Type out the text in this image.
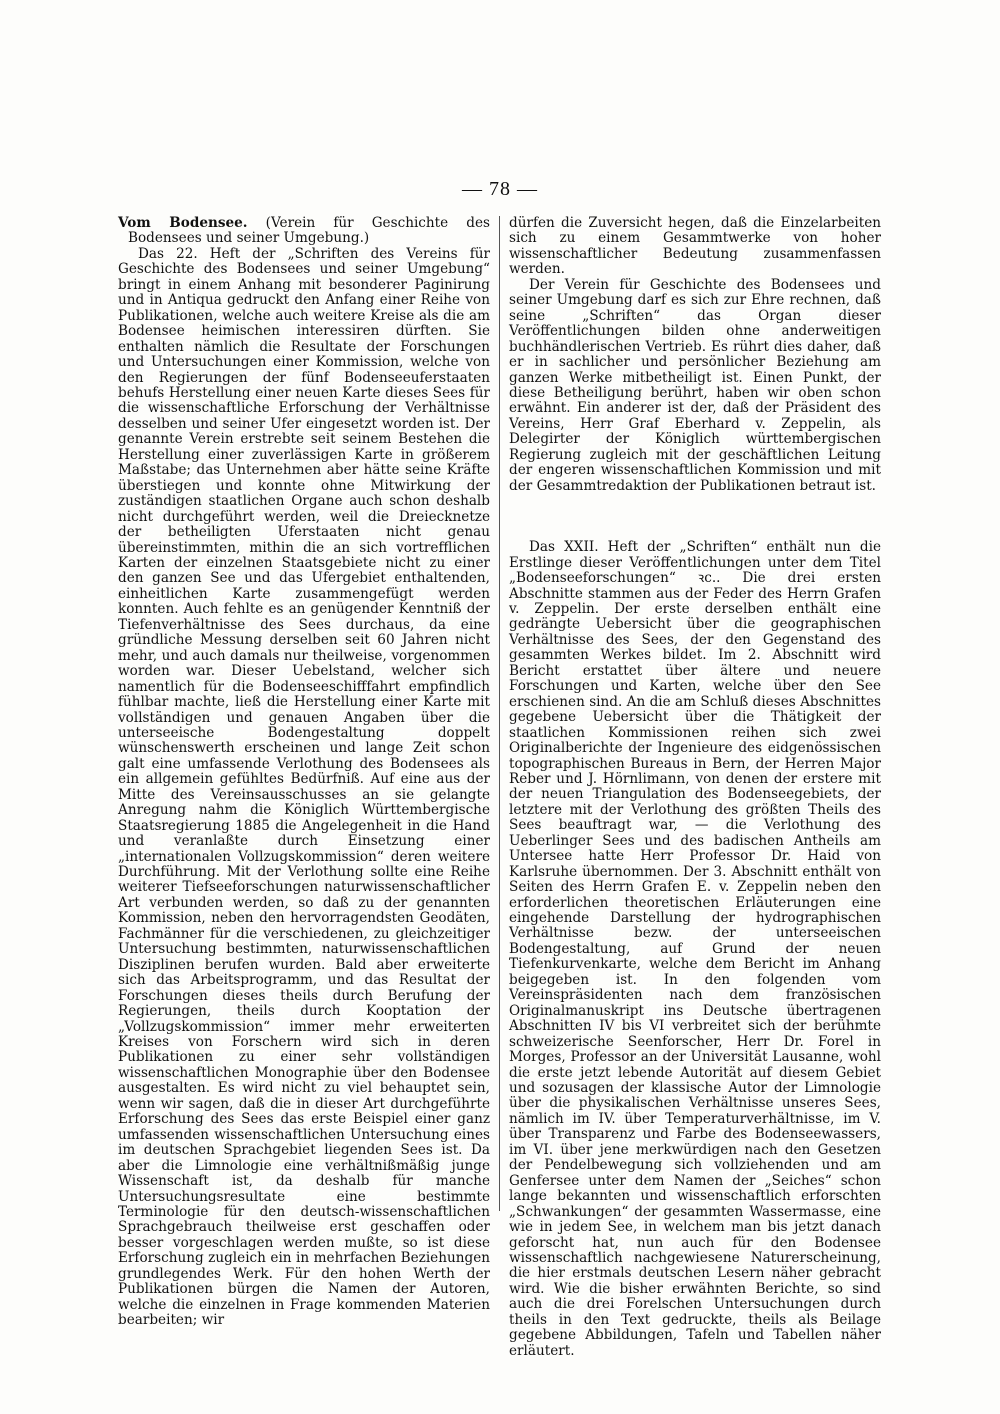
— 78 —

Vom Bodensee. (Verein für Geschichte des Bodensees und seiner Umgebung.)

Das 22. Heft der „Schriften des Vereins für Geschichte des Bodensees und seiner Umgebung“ bringt in einem Anhang mit besonderer Paginirung und in Antiqua gedruckt den Anfang einer Reihe von Publikationen, welche auch weitere Kreise als die am Bodensee heimischen interessiren dürften. Sie enthalten nämlich die Resultate der Forschungen und Untersuchungen einer Kommission, welche von den Regierungen der fünf Bodenseeuferstaaten behufs Herstellung einer neuen Karte dieses Sees für die wissenschaftliche Erforschung der Verhältnisse desselben und seiner Ufer eingesetzt worden ist. Der genannte Verein erstrebte seit seinem Bestehen die Herstellung einer zuverlässigen Karte in größerem Maßstabe; das Unternehmen aber hätte seine Kräfte überstiegen und konnte ohne Mitwirkung der zuständigen staatlichen Organe auch schon deshalb nicht durchgeführt werden, weil die Dreiecknetze der betheiligten Uferstaaten nicht genau übereinstimmten, mithin die an sich vortrefflichen Karten der einzelnen Staatsgebiete nicht zu einer den ganzen See und das Ufergebiet enthaltenden, einheitlichen Karte zusammengefügt werden konnten. Auch fehlte es an genügender Kenntniß der Tiefenverhältnisse des Sees durchaus, da eine gründliche Messung derselben seit 60 Jahren nicht mehr, und auch damals nur theilweise, vorgenommen worden war. Dieser Uebelstand, welcher sich namentlich für die Bodenseeschifffahrt empfindlich fühlbar machte, ließ die Herstellung einer Karte mit vollständigen und genauen Angaben über die unterseeische Bodengestaltung doppelt wünschenswerth erscheinen und lange Zeit schon galt eine umfassende Verlothung des Bodensees als ein allgemein gefühltes Bedürfniß. Auf eine aus der Mitte des Vereinsausschusses an sie gelangte Anregung nahm die Königlich Württembergische Staatsregierung 1885 die Angelegenheit in die Hand und veranlaßte durch Einsetzung einer „internationalen Vollzugskommission“ deren weitere Durchführung. Mit der Verlothung sollte eine Reihe weiterer Tiefseeforschungen naturwissenschaftlicher Art verbunden werden, so daß zu der genannten Kommission, neben den hervorragendsten Geodäten, Fachmänner für die verschiedenen, zu gleichzeitiger Untersuchung bestimmten, naturwissenschaftlichen Disziplinen berufen wurden. Bald aber erweiterte sich das Arbeitsprogramm, und das Resultat der Forschungen dieses theils durch Berufung der Regierungen, theils durch Kooptation der „Vollzugskommission“ immer mehr erweiterten Kreises von Forschern wird sich in deren Publikationen zu einer sehr vollständigen wissenschaftlichen Monographie über den Bodensee ausgestalten. Es wird nicht zu viel behauptet sein, wenn wir sagen, daß die in dieser Art durchgeführte Erforschung des Sees das erste Beispiel einer ganz umfassenden wissenschaftlichen Untersuchung eines im deutschen Sprachgebiet liegenden Sees ist. Da aber die Limnologie eine verhältnißmäßig junge Wissenschaft ist, da deshalb für manche Untersuchungsresultate eine bestimmte Terminologie für den deutsch-wissenschaftlichen Sprachgebrauch theilweise erst geschaffen oder besser vorgeschlagen werden mußte, so ist diese Erforschung zugleich ein in mehrfachen Beziehungen grundlegendes Werk. Für den hohen Werth der Publikationen bürgen die Namen der Autoren, welche die einzelnen in Frage kommenden Materien bearbeiten; wir

dürfen die Zuversicht hegen, daß die Einzelarbeiten sich zu einem Gesammtwerke von hoher wissenschaftlicher Bedeutung zusammenfassen werden.

Der Verein für Geschichte des Bodensees und seiner Umgebung darf es sich zur Ehre rechnen, daß seine „Schriften“ das Organ dieser Veröffentlichungen bilden ohne anderweitigen buchhändlerischen Vertrieb. Es rührt dies daher, daß er in sachlicher und persönlicher Beziehung am ganzen Werke mitbetheiligt ist. Einen Punkt, der diese Betheiligung berührt, haben wir oben schon erwähnt. Ein anderer ist der, daß der Präsident des Vereins, Herr Graf Eberhard v. Zeppelin, als Delegirter der Königlich württembergischen Regierung zugleich mit der geschäftlichen Leitung der engeren wissenschaftlichen Kommission und mit der Gesammtredaktion der Publikationen betraut ist.

Das XXII. Heft der „Schriften“ enthält nun die Erstlinge dieser Veröffentlichungen unter dem Titel „Bodenseeforschungen“ ꝛc.. Die drei ersten Abschnitte stammen aus der Feder des Herrn Grafen v. Zeppelin. Der erste derselben enthält eine gedrängte Uebersicht über die geographischen Verhältnisse des Sees, der den Gegenstand des gesammten Werkes bildet. Im 2. Abschnitt wird Bericht erstattet über ältere und neuere Forschungen und Karten, welche über den See erschienen sind. An die am Schluß dieses Abschnittes gegebene Uebersicht über die Thätigkeit der staatlichen Kommissionen reihen sich zwei Originalberichte der Ingenieure des eidgenössischen topographischen Bureaus in Bern, der Herren Major Reber und J. Hörnlimann, von denen der erstere mit der neuen Triangulation des Bodenseegebiets, der letztere mit der Verlothung des größten Theils des Sees beauftragt war, — die Verlothung des Ueberlinger Sees und des badischen Antheils am Untersee hatte Herr Professor Dr. Haid von Karlsruhe übernommen. Der 3. Abschnitt enthält von Seiten des Herrn Grafen E. v. Zeppelin neben den erforderlichen theoretischen Erläuterungen eine eingehende Darstellung der hydrographischen Verhältnisse bezw. der unterseeischen Bodengestaltung, auf Grund der neuen Tiefenkurvenkarte, welche dem Bericht im Anhang beigegeben ist. In den folgenden vom Vereinspräsidenten nach dem französischen Originalmanuskript ins Deutsche übertragenen Abschnitten IV bis VI verbreitet sich der berühmte schweizerische Seenforscher, Herr Dr. Forel in Morges, Professor an der Universität Lausanne, wohl die erste jetzt lebende Autorität auf diesem Gebiet und sozusagen der klassische Autor der Limnologie über die physikalischen Verhältnisse unseres Sees, nämlich im IV. über Temperaturverhältnisse, im V. über Transparenz und Farbe des Bodenseewassers, im VI. über jene merkwürdigen nach den Gesetzen der Pendelbewegung sich vollziehenden und am Genfersee unter dem Namen der „Seiches“ schon lange bekannten und wissenschaftlich erforschten „Schwankungen“ der gesammten Wassermasse, eine wie in jedem See, in welchem man bis jetzt danach geforscht hat, nun auch für den Bodensee wissenschaftlich nachgewiesene Naturerscheinung, die hier erstmals deutschen Lesern näher gebracht wird. Wie die bisher erwähnten Berichte, so sind auch die drei Forelschen Untersuchungen durch theils in den Text gedruckte, theils als Beilage gegebene Abbildungen, Tafeln und Tabellen näher erläutert.
